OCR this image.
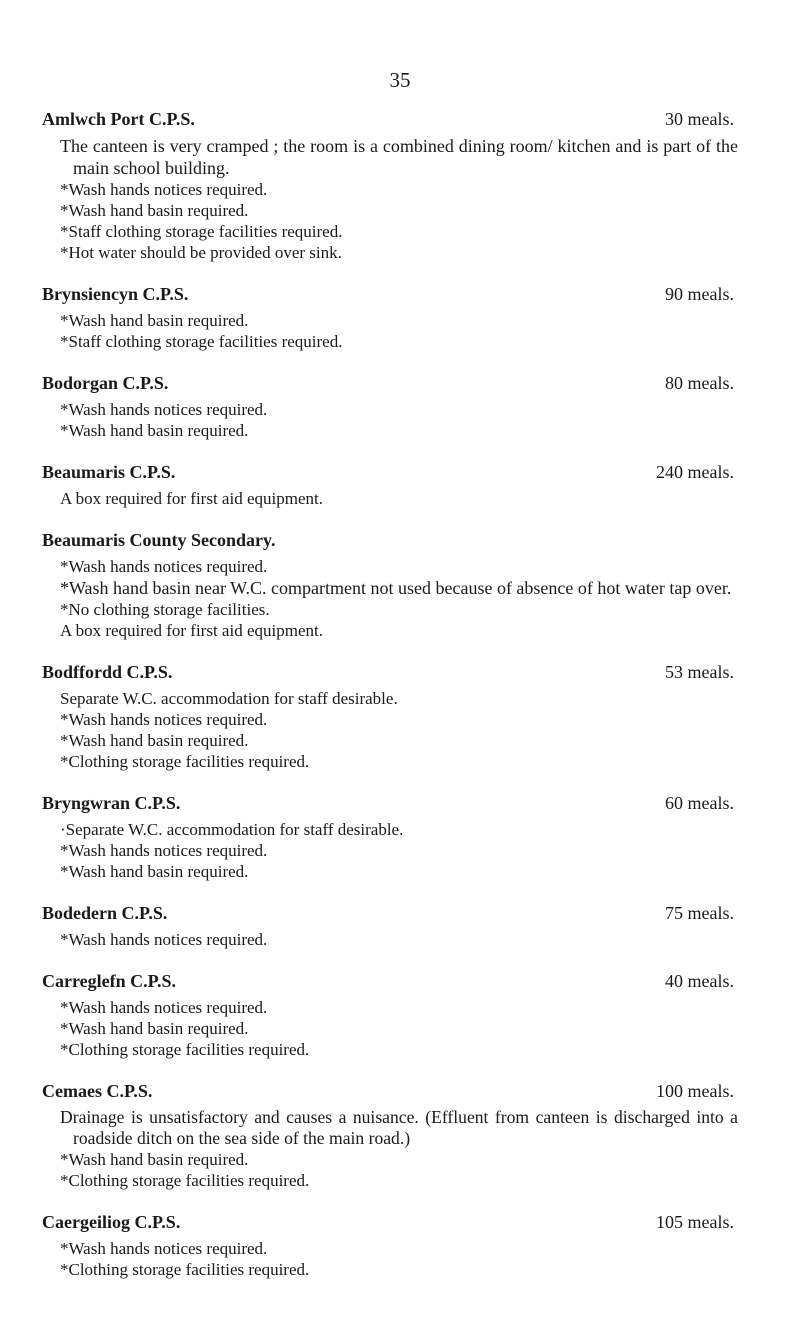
35
Amlwch Port C.P.S.	30 meals.
The canteen is very cramped ; the room is a combined dining room/ kitchen and is part of the main school building.
*Wash hands notices required.
*Wash hand basin required.
*Staff clothing storage facilities required.
*Hot water should be provided over sink.
Brynsiencyn C.P.S.	90 meals.
*Wash hand basin required.
*Staff clothing storage facilities required.
Bodorgan C.P.S.	80 meals.
*Wash hands notices required.
*Wash hand basin required.
Beaumaris C.P.S.	240 meals.
A box required for first aid equipment.
Beaumaris County Secondary.
*Wash hands notices required.
*Wash hand basin near W.C. compartment not used because of absence of hot water tap over.
*No clothing storage facilities.
A box required for first aid equipment.
Bodffordd C.P.S.	53 meals.
Separate W.C. accommodation for staff desirable.
*Wash hands notices required.
*Wash hand basin required.
*Clothing storage facilities required.
Bryngwran C.P.S.	60 meals.
·Separate W.C. accommodation for staff desirable.
*Wash hands notices required.
*Wash hand basin required.
Bodedern C.P.S.	75 meals.
*Wash hands notices required.
Carreglefn C.P.S.	40 meals.
*Wash hands notices required.
*Wash hand basin required.
*Clothing storage facilities required.
Cemaes C.P.S.	100 meals.
Drainage is unsatisfactory and causes a nuisance. (Effluent from canteen is discharged into a roadside ditch on the sea side of the main road.)
*Wash hand basin required.
*Clothing storage facilities required.
Caergeiliog C.P.S.	105 meals.
*Wash hands notices required.
*Clothing storage facilities required.
